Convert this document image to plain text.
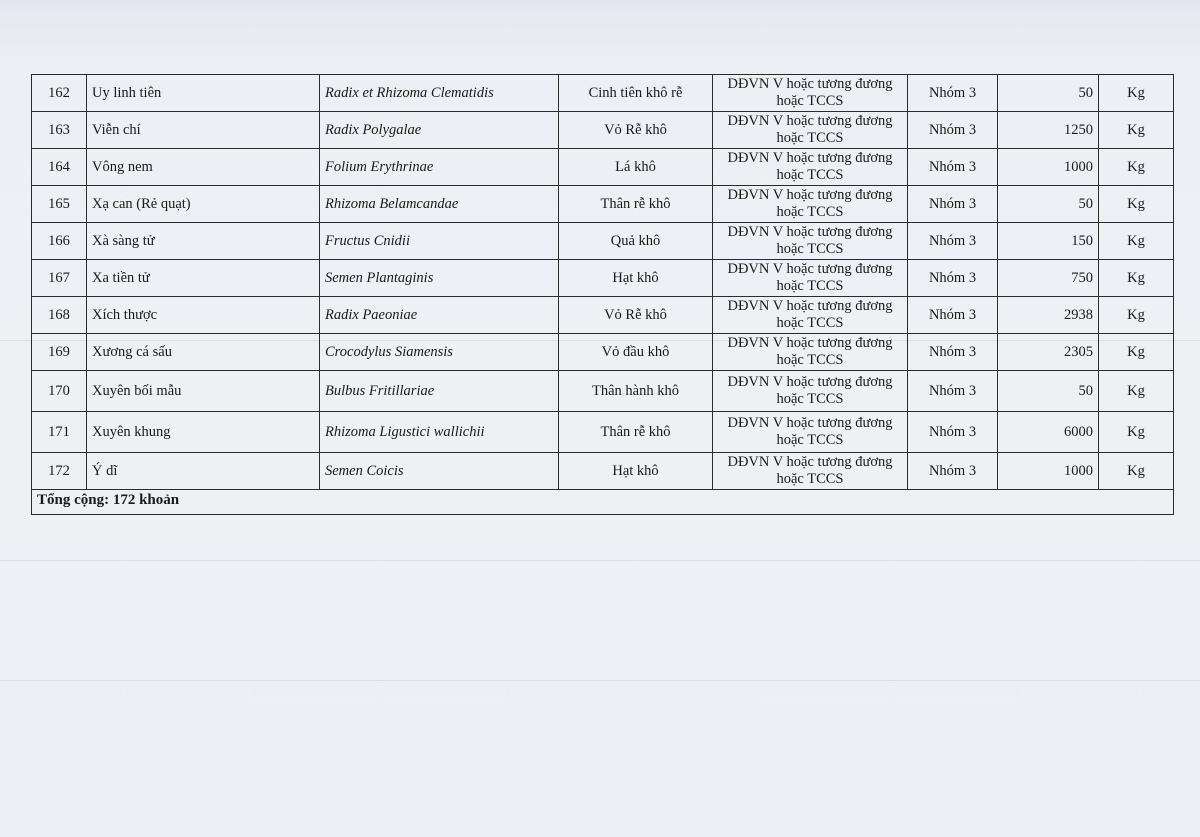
162	Uy linh tiên	Radix et Rhizoma Clematidis	Cinh tiên khô rễ	DĐVN V hoặc tương đương
hoặc TCCS	Nhóm 3	50	Kg
163	Viễn chí	Radix Polygalae	Vỏ Rễ khô	DĐVN V hoặc tương đương
hoặc TCCS	Nhóm 3	1250	Kg
164	Vông nem	Folium Erythrinae	Lá khô	DĐVN V hoặc tương đương
hoặc TCCS	Nhóm 3	1000	Kg
165	Xạ can (Rẻ quạt)	Rhizoma Belamcandae	Thân rễ khô	DĐVN V hoặc tương đương
hoặc TCCS	Nhóm 3	50	Kg
166	Xà sàng tử	Fructus Cnidii	Quả khô	DĐVN V hoặc tương đương
hoặc TCCS	Nhóm 3	150	Kg
167	Xa tiền tử	Semen Plantaginis	Hạt khô	DĐVN V hoặc tương đương
hoặc TCCS	Nhóm 3	750	Kg
168	Xích thược	Radix Paeoniae	Vỏ Rễ khô	DĐVN V hoặc tương đương
hoặc TCCS	Nhóm 3	2938	Kg
169	Xương cá sấu	Crocodylus Siamensis	Vỏ đầu khô	DĐVN V hoặc tương đương
hoặc TCCS	Nhóm 3	2305	Kg
170	Xuyên bối mẫu	Bulbus Fritillariae	Thân hành khô	DĐVN V hoặc tương đương
hoặc TCCS	Nhóm 3	50	Kg
171	Xuyên khung	Rhizoma Ligustici wallichii	Thân rễ khô	DĐVN V hoặc tương đương
hoặc TCCS	Nhóm 3	6000	Kg
172	Ý dĩ	Semen Coicis	Hạt khô	DĐVN V hoặc tương đương
hoặc TCCS	Nhóm 3	1000	Kg
Tổng cộng: 172 khoản							
